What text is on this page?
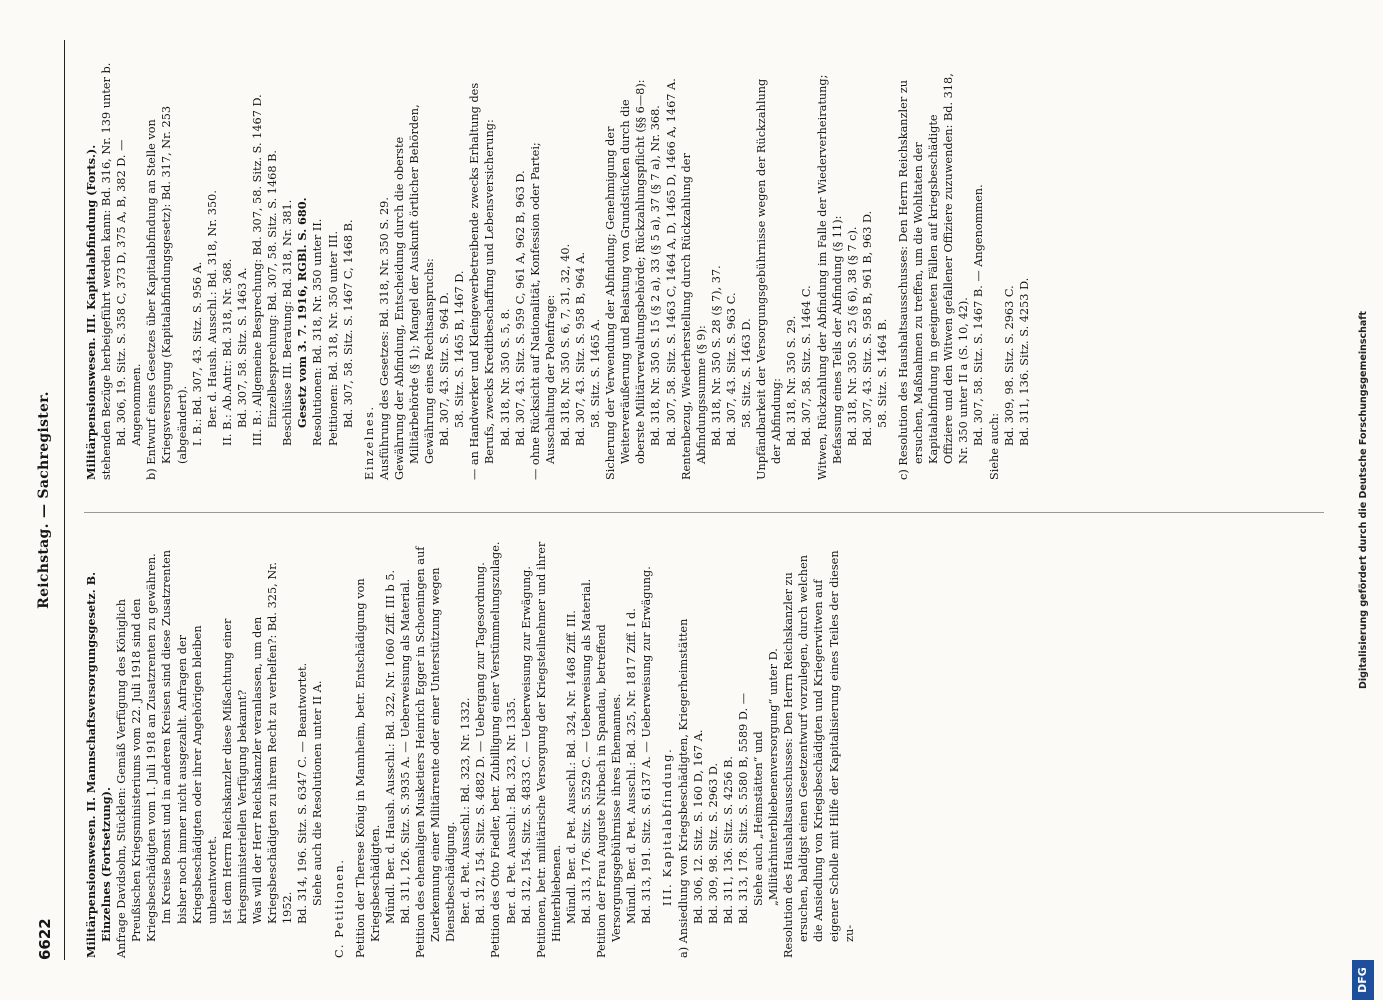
6622
Reichstag. — Sachregister.

Militärpensionswesen. II. Mannschaftsversorgungsgesetz. B. Einzelnes (Fortsetzung). Anfrage Davidsohn, Stücklen: Gemäß Verfügung des Königlich Preußischen Kriegsministeriums vom 22. Juli 1918 sind den Kriegsbeschädigten vom 1. Juli 1918 an Zusatzrenten zu gewähren. Im Kreise Bomst und in anderen Kreisen sind diese Zusatzrenten bisher noch immer nicht ausgezahlt. Anfragen der Kriegsbeschädigten oder ihrer Angehörigen bleiben unbeantwortet. Ist dem Herrn Reichskanzler diese Mißachtung einer kriegsministeriellen Verfügung bekannt? Was will der Herr Reichskanzler veranlassen, um den Kriegsbeschädigten zu ihrem Recht zu verhelfen?: Bd. 325, Nr. 1952. Bd. 314, 196. Sitz. S. 6347 C. — Beantwortet. Siehe auch die Resolutionen unter II A.

C. Petitionen. Petition der Therese König in Mannheim, betr. Entschädigung von Kriegsbeschädigten. Mündl. Ber. d. Haush. Ausschl.: Bd. 322, Nr. 1060 Ziff. III b 5. Bd. 311, 126. Sitz. S. 3935 A. — Ueberweisung als Material. Petition des ehemaligen Musketiers Heinrich Egger in Schoeningen auf Zuerkennung einer Militärrente oder einer Unterstützung wegen Dienstbeschädigung. Ber. d. Pet. Ausschl.: Bd. 323, Nr. 1332. Bd. 312, 154. Sitz. S. 4882 D. — Uebergang zur Tagesordnung. Petition des Otto Fiedler, betr. Zubilligung einer Verstümmelungszulage. Ber. d. Pet. Ausschl.: Bd. 323, Nr. 1335. Bd. 312, 154. Sitz. S. 4833 C. — Ueberweisung zur Erwägung. Petitionen, betr. militärische Versorgung der Kriegsteilnehmer und ihrer Hinterbliebenen. Mündl. Ber. d. Pet. Ausschl.: Bd. 324, Nr. 1468 Ziff. III. Bd. 313, 176. Sitz. S. 5529 C. — Ueberweisung als Material. Petition der Frau Auguste Nirbach in Spandau, betreffend Versorgungsgebührnisse ihres Ehemannes. Mündl. Ber. d. Pet. Ausschl.: Bd. 325, Nr. 1817 Ziff. I d. Bd. 313, 191. Sitz. S. 6137 A. — Ueberweisung zur Erwägung. III. Kapitalabfindung. a) Ansiedlung von Kriegsbeschädigten, Kriegerheimstätten Bd. 306, 12. Sitz. S. 160 D, 167 A. Bd. 309, 98. Sitz. S. 2963 D. Bd. 311, 136. Sitz. S. 4256 B. Bd. 313, 178. Sitz. S. 5580 B, 5589 D. — Siehe auch „Heimstätten“ und „Militärhinterbliebenenversorgung“ unter D. Resolution des Haushaltsausschusses: Den Herrn Reichskanzler zu ersuchen, baldigst einen Gesetzentwurf vorzulegen, durch welchen die Ansiedlung von Kriegsbeschädigten und Kriegerwitwen auf eigener Scholle mit Hilfe der Kapitalisierung eines Teiles der diesen zu-

Militärpensionswesen. III. Kapitalabfindung (Forts.). stehenden Bezüge herbeigeführt werden kann: Bd. 316, Nr. 139 unter b. Bd. 306, 19. Sitz. S. 358 C, 373 D, 375 A, B, 382 D. — Angenommen. b) Entwurf eines Gesetzes über Kapitalabfindung an Stelle von Kriegsversorgung (Kapitalabfindungsgesetz): Bd. 317, Nr. 253 (abgeändert). I. B.: Bd. 307, 43. Sitz. S. 956 A. Ber. d. Haush. Ausschl.: Bd. 318, Nr. 350. II. B.: Ab.Antr.: Bd. 318, Nr. 368. Bd. 307, 58. Sitz. S. 1463 A. III. B.: Allgemeine Besprechung: Bd. 307, 58. Sitz. S. 1467 D. Einzelbesprechung: Bd. 307, 58. Sitz. S. 1468 B. Beschlüsse III. Beratung: Bd. 318, Nr. 381. Gesetz vom 3. 7. 1916, RGBl. S. 680. Resolutionen: Bd. 318, Nr. 350 unter II. Petitionen: Bd. 318, Nr. 350 unter III. Bd. 307, 58. Sitz. S. 1467 C, 1468 B.

Einzelnes. Ausführung des Gesetzes: Bd. 318, Nr. 350 S. 29. Gewährung der Abfindung, Entscheidung durch die oberste Militärbehörde (§ 1); Mangel der Auskunft örtlicher Behörden, Gewährung eines Rechtsanspruchs: Bd. 307, 43. Sitz. S. 964 D. 58. Sitz. S. 1465 B, 1467 D. — an Handwerker und Kleingewerbetreibende zwecks Erhaltung des Berufs, zwecks Kreditbeschaffung und Lebensversicherung: Bd. 318, Nr. 350 S. 5, 8. Bd. 307, 43. Sitz. S. 959 C, 961 A, 962 B, 963 D. — ohne Rücksicht auf Nationalität, Konfession oder Partei; Ausschaltung der Polenfrage: Bd. 318, Nr. 350 S. 6, 7, 31, 32, 40. Bd. 307, 43. Sitz. S. 958 B, 964 A. 58. Sitz. S. 1465 A. Sicherung der Verwendung der Abfindung; Genehmigung der Weiterveräußerung und Belastung von Grundstücken durch die oberste Militärverwaltungsbehörde; Rückzahlungspflicht (§§ 6—8): Bd. 318, Nr. 350 S. 15 (§ 2 a), 33 (§ 5 a), 37 (§ 7 a), Nr. 368. Bd. 307, 58. Sitz. S. 1463 C, 1464 A, D, 1465 D, 1466 A, 1467 A. Rentenbezug, Wiederherstellung durch Rückzahlung der Abfindungssumme (§ 9): Bd. 318, Nr. 350 S. 28 (§ 7), 37. Bd. 307, 43. Sitz. S. 963 C. 58. Sitz. S. 1463 D. Unpfändbarkeit der Versorgungsgebührnisse wegen der Rückzahlung der Abfindung: Bd. 318, Nr. 350 S. 29. Bd. 307, 58. Sitz. S. 1464 C. Witwen, Rückzahlung der Abfindung im Falle der Wiederverheiratung; Befassung eines Teils der Abfindung (§ 11): Bd. 318, Nr. 350 S. 25 (§ 6), 38 (§ 7 c). Bd. 307, 43. Sitz. S. 958 B, 961 B, 963 D. 58. Sitz. S. 1464 B. c) Resolution des Haushaltsausschusses: Den Herrn Reichskanzler zu ersuchen, Maßnahmen zu treffen, um die Wohltaten der Kapitalabfindung in geeigneten Fällen auf kriegsbeschädigte Offiziere und den Witwen gefallener Offiziere zuzuwenden: Bd. 318, Nr. 350 unter II a (S. 10, 42). Bd. 307, 58. Sitz. S. 1467 B. — Angenommen.

Siehe auch:

Bd. 309, 98. Sitz. S. 2963 C. Bd. 311, 136. Sitz. S. 4253 D.

DFG
Digitalisierung gefördert durch die Deutsche Forschungsgemeinschaft
